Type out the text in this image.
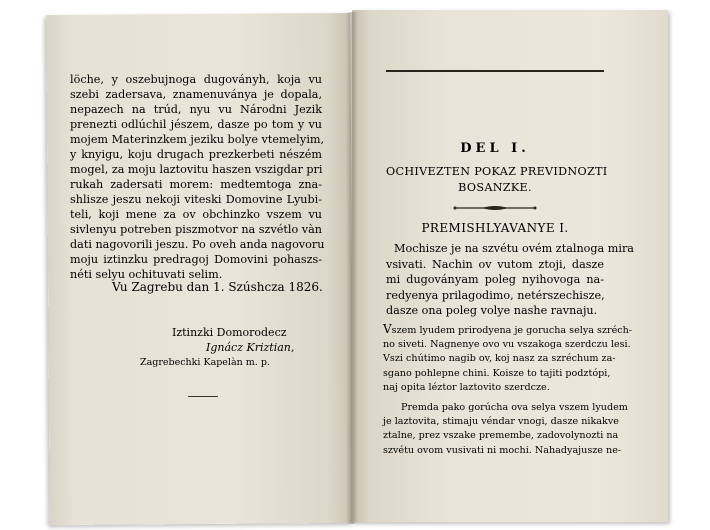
löche, y oszebujnoga dugovánуh, koja vu
szebi zadersava, znamenuványa je dopala,
nepazech na trúd, nyu vu Národni Jezik
prenezti odlúchil jészem, dasze po tom y vu
mojem Materinzkem jeziku bolye vtemelуim,
y knyigu, koju drugach prezkerbeti nészém
mogel, za moju laztovitu haszen vszigdar pri
rukah zadersati morem: medtemtoga zna-
shlisze jeszu nekoji viteski Domovine Lyubi-
teli, koji mene za ov obchinzko vszem vu
sivlenyu potreben piszmotvor na szvétlo vàn
dati nagovorili jeszu. Po oveh anda nagovoru
moju iztinzku predragoj Domovini pohaszs-
néti selyu ochituvati selim.
Vu Zagrebu dan 1. Szúshcza 1826.
Iztinzki Domorodecz
Ignácz Kriztian,
Zagrebechki Kapelàn m. p.
DEL I.
OCHIVEZTEN POKAZ PREVIDNOZTI
BOSANZKE.
PREMISHLYAVANYE I.
Mochisze je na szvétu ovém ztalnoga mira
vsivati. Nachin ov vutom ztoji, dasze
mi dugovánуam poleg nуihovoga na-
redyenya prilagodimo, netérszechisze,
dasze ona poleg volye nashe ravnaju.
Vszem lyudem prirodyena je gorucha selya szréch-
no siveti. Nagnenye ovo vu vszakoga szerdczu lesi.
Vszi chútimo nagib ov, koj nasz za szréchum za-
sgano pohlepne chini. Koisze to tajiti podztópi,
naj opita léztor laztovito szerdcze.
Premda pako gorúcha ova selya vszem lyudem
je laztovita, stimaju véndar vnogi, dasze nikakve
ztalne, prez vszake premembe, zadovolynozti na
szvétu ovom vusivati ni mochi. Nahadyajusze ne-
